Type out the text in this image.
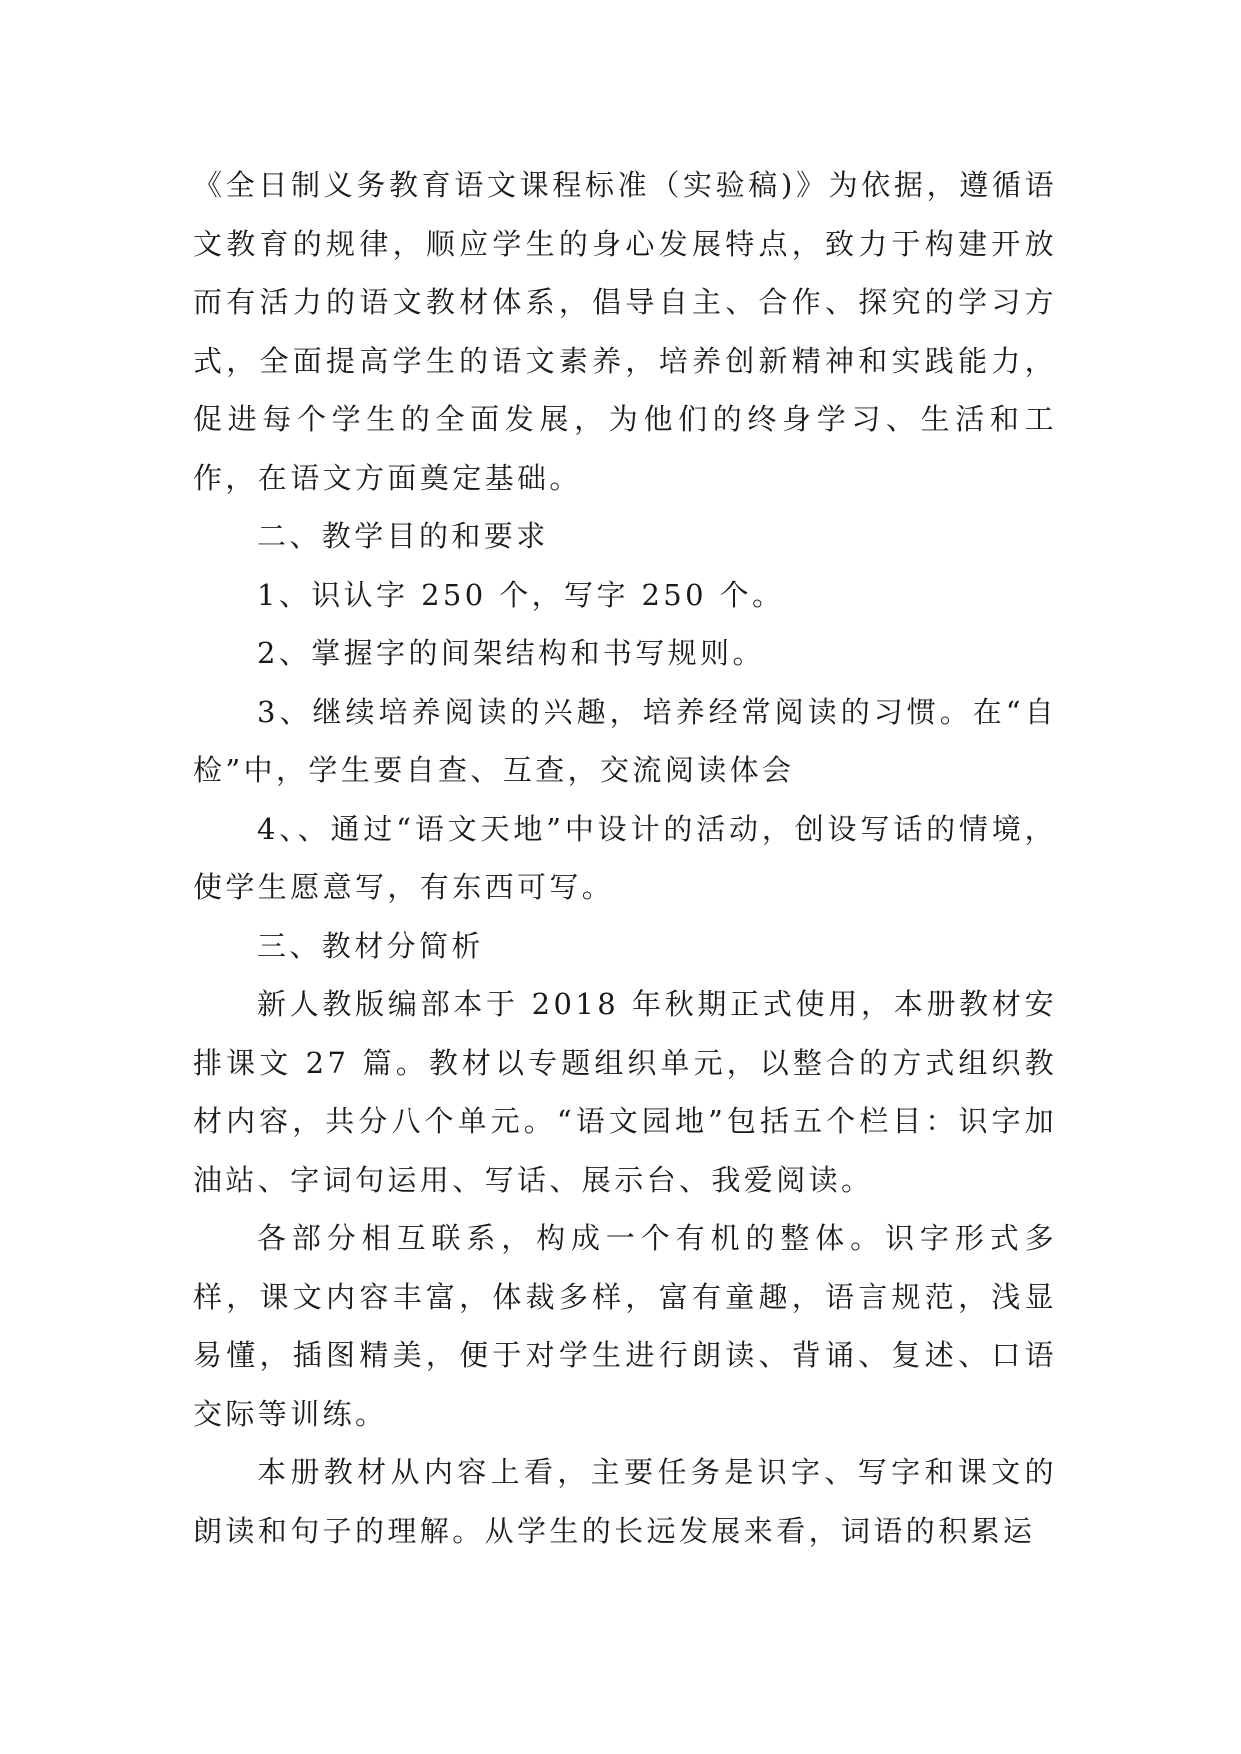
《全日制义务教育语文课程标准（实验稿)》为依据，遵循语文教育的规律，顺应学生的身心发展特点，致力于构建开放而有活力的语文教材体系，倡导自主、合作、探究的学习方式，全面提高学生的语文素养，培养创新精神和实践能力，促进每个学生的全面发展，为他们的终身学习、生活和工作，在语文方面奠定基础。

二、教学目的和要求

1、识认字 250 个，写字 250 个。

2、掌握字的间架结构和书写规则。

3、继续培养阅读的兴趣，培养经常阅读的习惯。在“自检”中，学生要自查、互查，交流阅读体会

4、、通过“语文天地”中设计的活动，创设写话的情境，使学生愿意写，有东西可写。

三、教材分简析

新人教版编部本于 2018 年秋期正式使用，本册教材安排课文 27 篇。教材以专题组织单元，以整合的方式组织教材内容，共分八个单元。“语文园地”包括五个栏目：识字加油站、字词句运用、写话、展示台、我爱阅读。

各部分相互联系，构成一个有机的整体。识字形式多样，课文内容丰富，体裁多样，富有童趣，语言规范，浅显易懂，插图精美，便于对学生进行朗读、背诵、复述、口语交际等训练。

本册教材从内容上看，主要任务是识字、写字和课文的朗读和句子的理解。从学生的长远发展来看，词语的积累运
